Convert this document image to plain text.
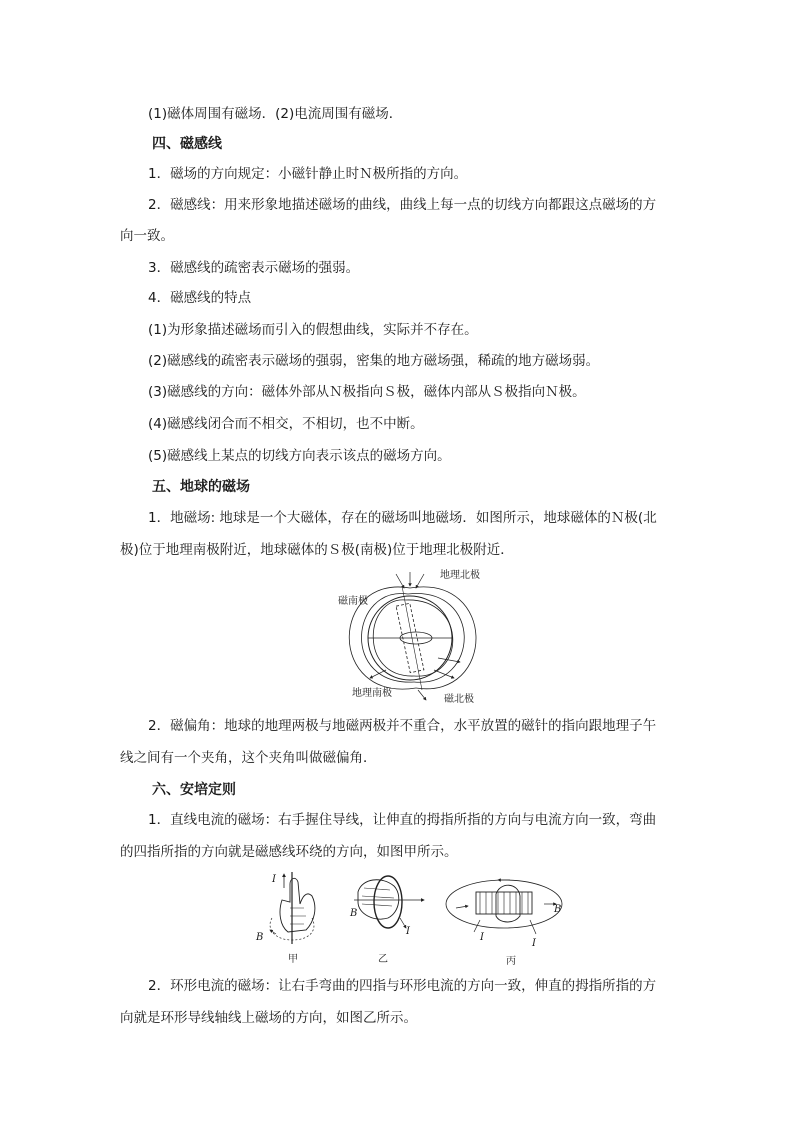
(1)磁体周围有磁场．(2)电流周围有磁场．
四、磁感线
1．磁场的方向规定：小磁针静止时Ｎ极所指的方向。
2．磁感线：用来形象地描述磁场的曲线，曲线上每一点的切线方向都跟这点磁场的方
向一致。
3．磁感线的疏密表示磁场的强弱。
4．磁感线的特点
(1)为形象描述磁场而引入的假想曲线，实际并不存在。
(2)磁感线的疏密表示磁场的强弱，密集的地方磁场强，稀疏的地方磁场弱。
(3)磁感线的方向：磁体外部从Ｎ极指向Ｓ极，磁体内部从Ｓ极指向Ｎ极。
(4)磁感线闭合而不相交，不相切，也不中断。
(5)磁感线上某点的切线方向表示该点的磁场方向。
五、地球的磁场
1．地磁场: 地球是一个大磁体，存在的磁场叫地磁场．如图所示，地球磁体的Ｎ极(北
极)位于地理南极附近，地球磁体的Ｓ极(南极)位于地理北极附近．
地理北极
磁南极
地理南极
磁北极
2．磁偏角：地球的地理两极与地磁两极并不重合，水平放置的磁针的指向跟地理子午
线之间有一个夹角，这个夹角叫做磁偏角．
六、安培定则
1．直线电流的磁场：右手握住导线，让伸直的拇指所指的方向与电流方向一致，弯曲
的四指所指的方向就是磁感线环绕的方向，如图甲所示。
I
B
甲
B
I
乙
B
I
I
丙
2．环形电流的磁场：让右手弯曲的四指与环形电流的方向一致，伸直的拇指所指的方
向就是环形导线轴线上磁场的方向，如图乙所示。
